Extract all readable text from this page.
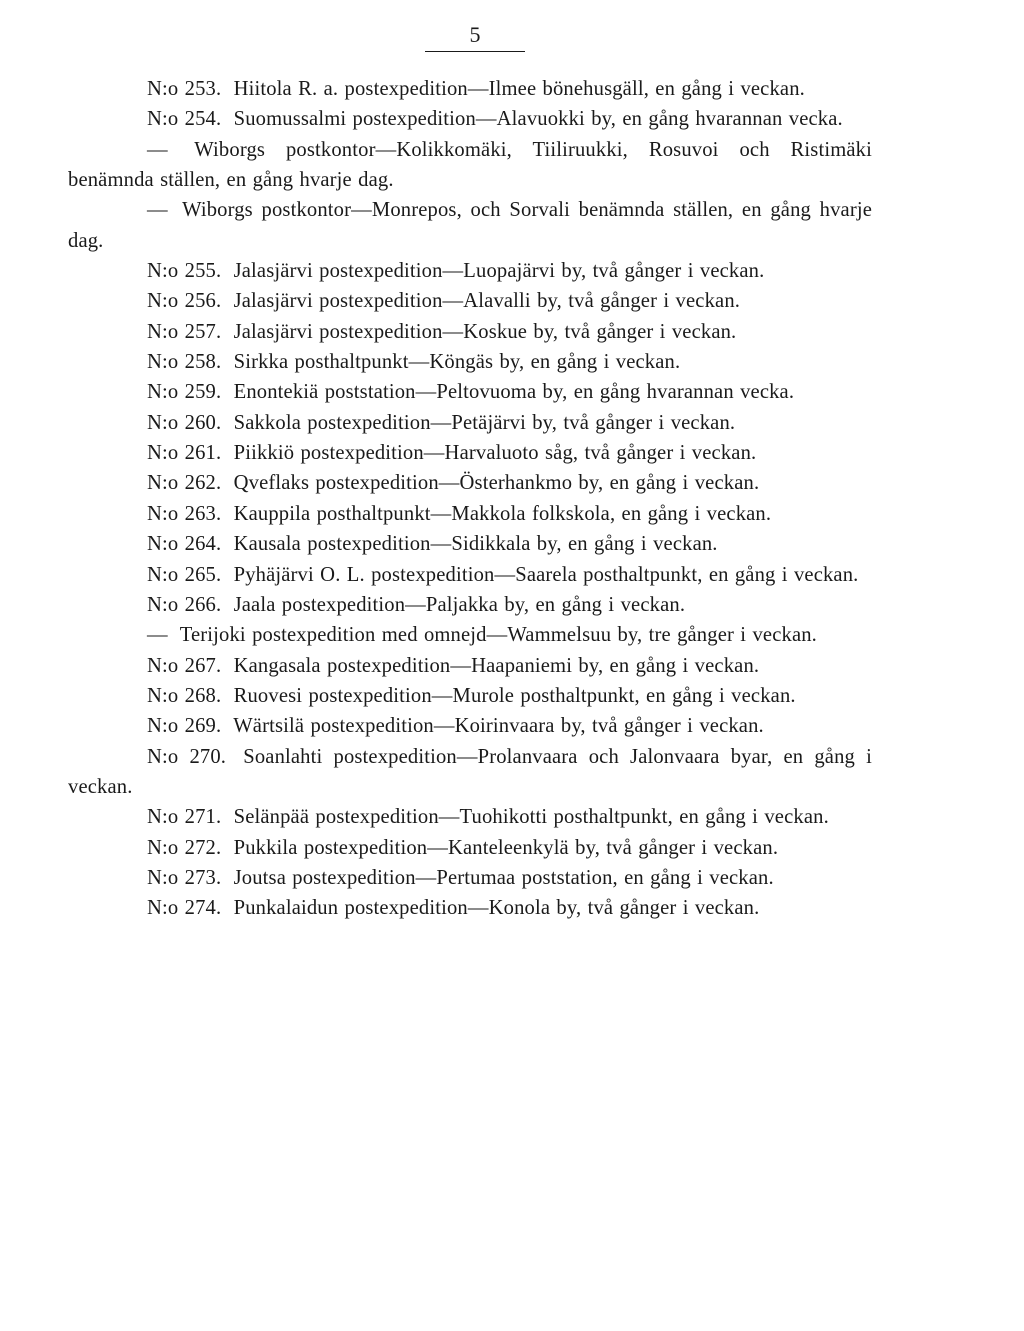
5

N:o 253. Hiitola R. a. postexpedition—Ilmee bönehusgäll, en gång i veckan.

N:o 254. Suomussalmi postexpedition—Alavuokki by, en gång hvarannan vecka.

— Wiborgs postkontor—Kolikkomäki, Tiiliruukki, Rosuvoi och Ristimäki benämnda ställen, en gång hvarje dag.

— Wiborgs postkontor—Monrepos, och Sorvali benämnda ställen, en gång hvarje dag.

N:o 255. Jalasjärvi postexpedition—Luopajärvi by, två gånger i veckan.

N:o 256. Jalasjärvi postexpedition—Alavalli by, två gånger i veckan.

N:o 257. Jalasjärvi postexpedition—Koskue by, två gånger i veckan.

N:o 258. Sirkka posthaltpunkt—Köngäs by, en gång i veckan.

N:o 259. Enontekiä poststation—Peltovuoma by, en gång hvarannan vecka.

N:o 260. Sakkola postexpedition—Petäjärvi by, två gånger i veckan.

N:o 261. Piikkiö postexpedition—Harvaluoto såg, två gånger i veckan.

N:o 262. Qveflaks postexpedition—Österhankmo by, en gång i veckan.

N:o 263. Kauppila posthaltpunkt—Makkola folkskola, en gång i veckan.

N:o 264. Kausala postexpedition—Sidikkala by, en gång i veckan.

N:o 265. Pyhäjärvi O. L. postexpedition—Saarela posthaltpunkt, en gång i veckan.

N:o 266. Jaala postexpedition—Paljakka by, en gång i veckan.

— Terijoki postexpedition med omnejd—Wammelsuu by, tre gånger i veckan.

N:o 267. Kangasala postexpedition—Haapaniemi by, en gång i veckan.

N:o 268. Ruovesi postexpedition—Murole posthaltpunkt, en gång i veckan.

N:o 269. Wärtsilä postexpedition—Koirinvaara by, två gånger i veckan.

N:o 270. Soanlahti postexpedition—Prolanvaara och Jalonvaara byar, en gång i veckan.

N:o 271. Selänpää postexpedition—Tuohikotti posthaltpunkt, en gång i veckan.

N:o 272. Pukkila postexpedition—Kanteleenkylä by, två gånger i veckan.

N:o 273. Joutsa postexpedition—Pertumaa poststation, en gång i veckan.

N:o 274. Punkalaidun postexpedition—Konola by, två gånger i veckan.
